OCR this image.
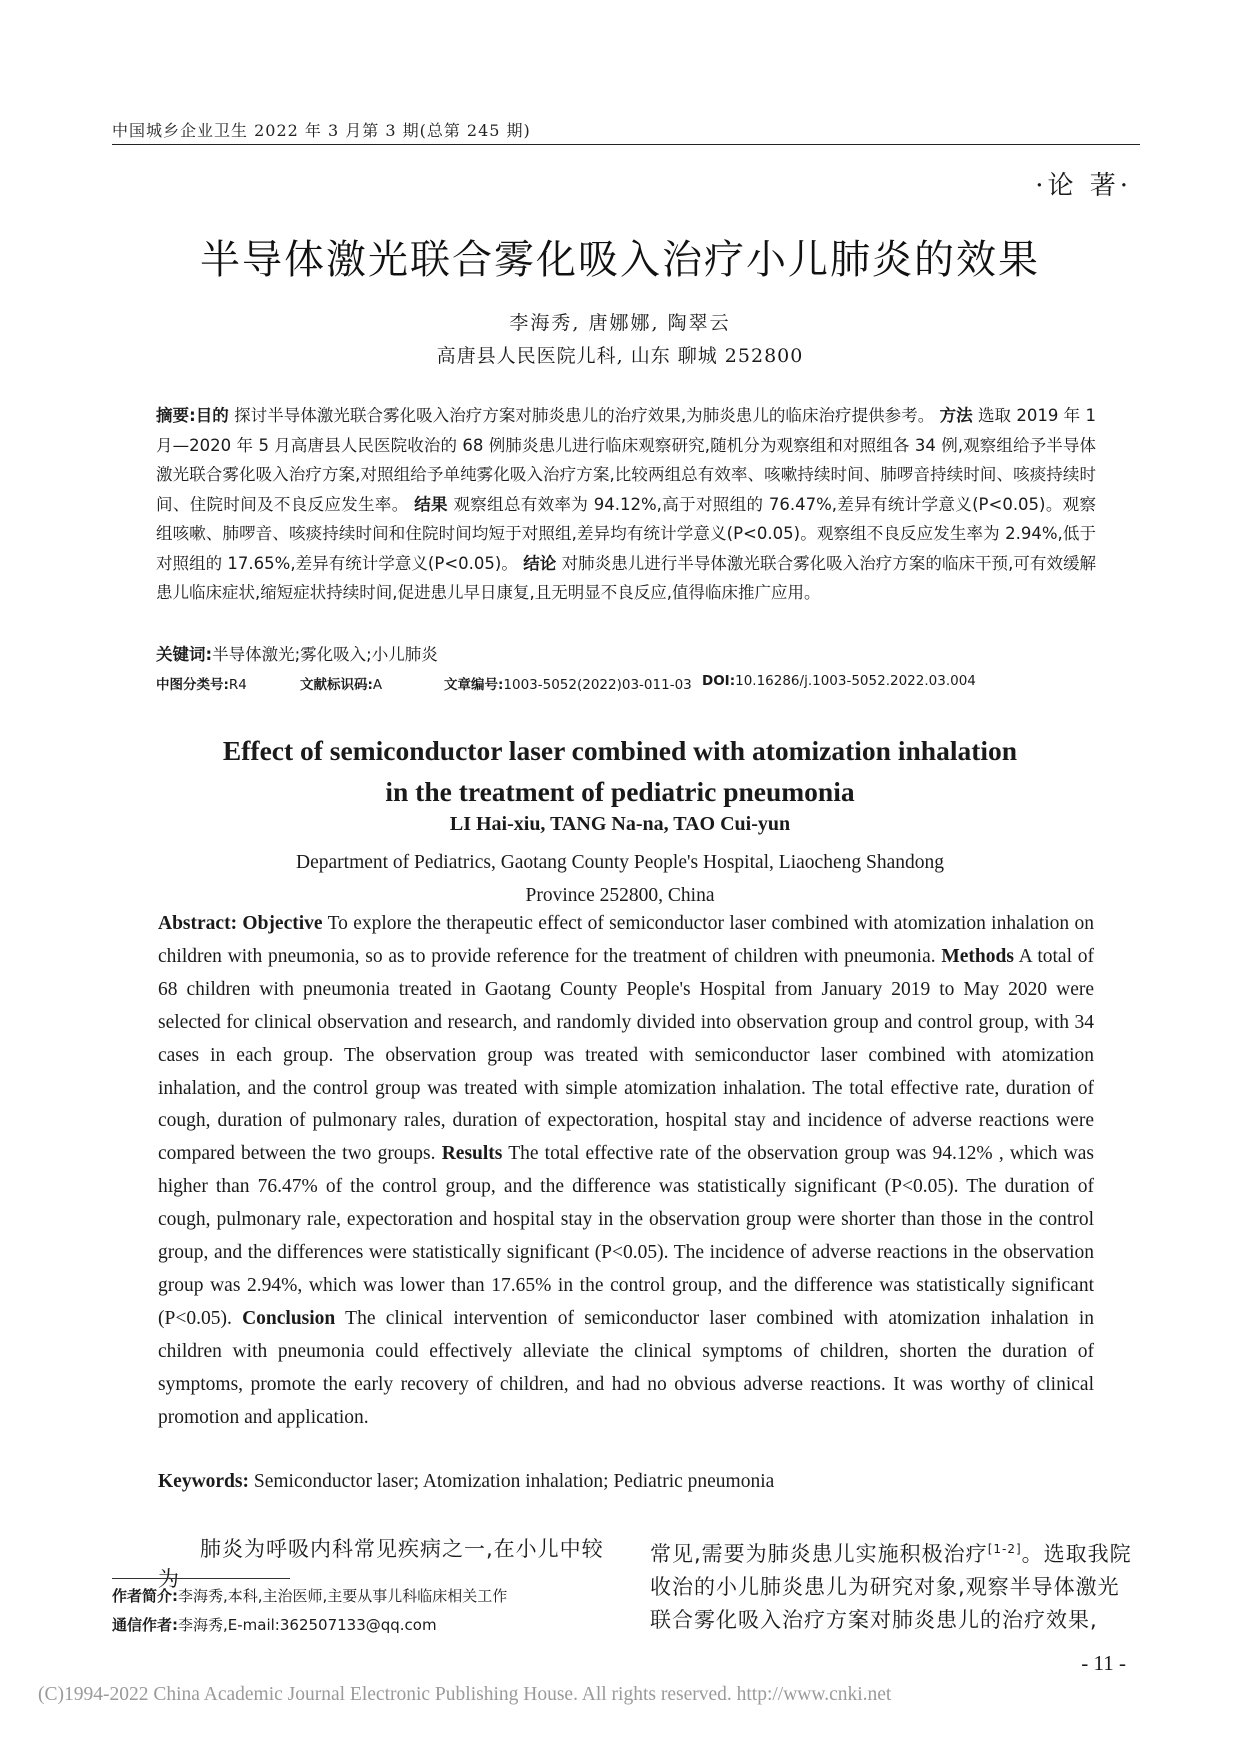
中国城乡企业卫生 2022 年 3 月第 3 期(总第 245 期)
·论 著·
半导体激光联合雾化吸入治疗小儿肺炎的效果
李海秀, 唐娜娜, 陶翠云
高唐县人民医院儿科, 山东 聊城 252800
摘要:目的 探讨半导体激光联合雾化吸入治疗方案对肺炎患儿的治疗效果,为肺炎患儿的临床治疗提供参考。 方法 选取 2019 年 1 月—2020 年 5 月高唐县人民医院收治的 68 例肺炎患儿进行临床观察研究,随机分为观察组和对照组各 34 例,观察组给予半导体激光联合雾化吸入治疗方案,对照组给予单纯雾化吸入治疗方案,比较两组总有效率、咳嗽持续时间、肺啰音持续时间、咳痰持续时间、住院时间及不良反应发生率。 结果 观察组总有效率为 94.12%,高于对照组的 76.47%,差异有统计学意义(P<0.05)。观察组咳嗽、肺啰音、咳痰持续时间和住院时间均短于对照组,差异均有统计学意义(P<0.05)。观察组不良反应发生率为 2.94%,低于对照组的 17.65%,差异有统计学意义(P<0.05)。 结论 对肺炎患儿进行半导体激光联合雾化吸入治疗方案的临床干预,可有效缓解患儿临床症状,缩短症状持续时间,促进患儿早日康复,且无明显不良反应,值得临床推广应用。
关键词:半导体激光;雾化吸入;小儿肺炎
中图分类号:R4	文献标识码:A	文章编号:1003-5052(2022)03-011-03 DOI:10.16286/j.1003-5052.2022.03.004
Effect of semiconductor laser combined with atomization inhalation
in the treatment of pediatric pneumonia
LI Hai-xiu, TANG Na-na, TAO Cui-yun
Department of Pediatrics, Gaotang County People's Hospital, Liaocheng Shandong
Province 252800, China
Abstract: Objective To explore the therapeutic effect of semiconductor laser combined with atomization inhalation on children with pneumonia, so as to provide reference for the treatment of children with pneumonia. Methods A total of 68 children with pneumonia treated in Gaotang County People's Hospital from January 2019 to May 2020 were selected for clinical observation and research, and randomly divided into observation group and control group, with 34 cases in each group. The observation group was treated with semiconductor laser combined with atomization inhalation, and the control group was treated with simple atomization inhalation. The total effective rate, duration of cough, duration of pulmonary rales, duration of expectoration, hospital stay and incidence of adverse reactions were compared between the two groups. Results The total effective rate of the observation group was 94.12% , which was higher than 76.47% of the control group, and the difference was statistically significant (P<0.05). The duration of cough, pulmonary rale, expectoration and hospital stay in the observation group were shorter than those in the control group, and the differences were statistically significant (P<0.05). The incidence of adverse reactions in the observation group was 2.94%, which was lower than 17.65% in the control group, and the difference was statistically significant (P<0.05). Conclusion The clinical intervention of semiconductor laser combined with atomization inhalation in children with pneumonia could effectively alleviate the clinical symptoms of children, shorten the duration of symptoms, promote the early recovery of children, and had no obvious adverse reactions. It was worthy of clinical promotion and application.
Keywords: Semiconductor laser; Atomization inhalation; Pediatric pneumonia
肺炎为呼吸内科常见疾病之一,在小儿中较为
常见,需要为肺炎患儿实施积极治疗[1-2]。选取我院
收治的小儿肺炎患儿为研究对象,观察半导体激光
联合雾化吸入治疗方案对肺炎患儿的治疗效果,
作者简介:李海秀,本科,主治医师,主要从事儿科临床相关工作
通信作者:李海秀,E-mail:362507133@qq.com
- 11 -
(C)1994-2022 China Academic Journal Electronic Publishing House. All rights reserved. http://www.cnki.net
